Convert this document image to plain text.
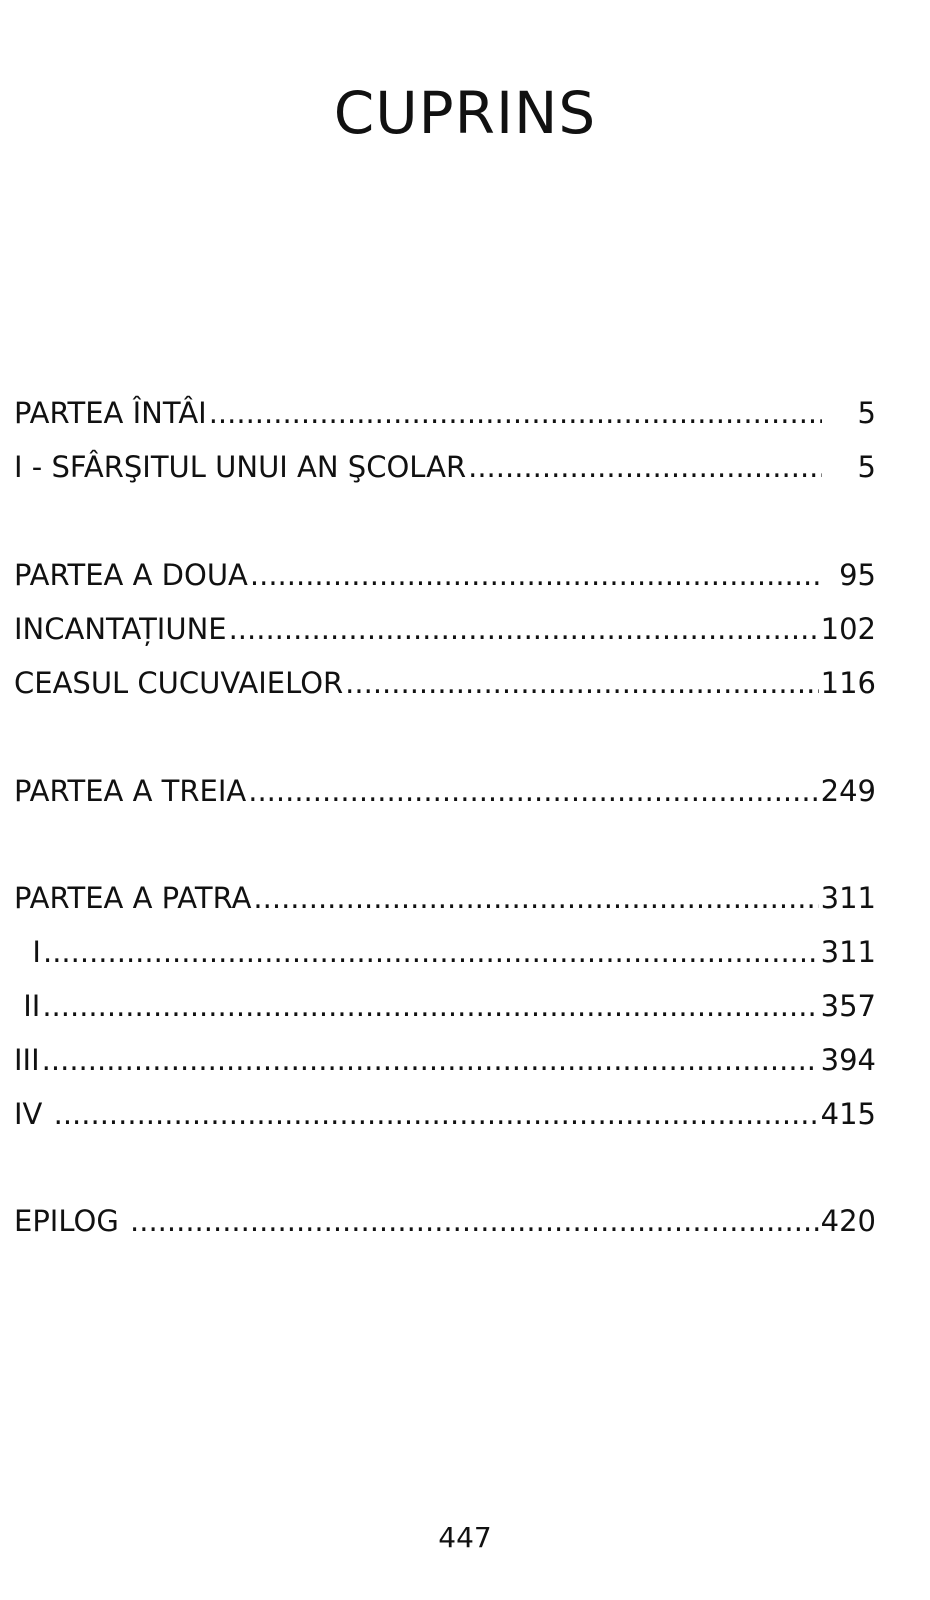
CUPRINS
PARTEA ÎNTÂI .....	5
I - SFÂRŞITUL UNUI AN ŞCOLAR .....	5
PARTEA A DOUA .....	95
INCANTAȚIUNE .....	102
CEASUL CUCUVAIELOR .....	116
PARTEA A TREIA .....	249
PARTEA A PATRA .....	311
I .....	311
II .....	357
III .....	394
IV .....	415
EPILOG .....	420
447
